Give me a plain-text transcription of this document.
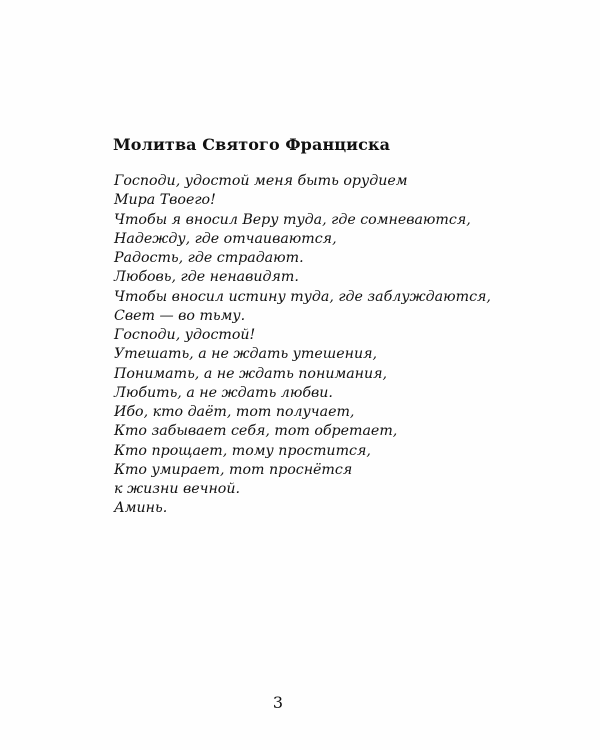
Молитва Святого Франциска
Господи, удостой меня быть орудием
Мира Твоего!
Чтобы я вносил Веру туда, где сомневаются,
Надежду, где отчаиваются,
Радость, где страдают.
Любовь, где ненавидят.
Чтобы вносил истину туда, где заблуждаются,
Свет — во тьму.
Господи, удостой!
Утешать, а не ждать утешения,
Понимать, а не ждать понимания,
Любить, а не ждать любви.
Ибо, кто даёт, тот получает,
Кто забывает себя, тот обретает,
Кто прощает, тому простится,
Кто умирает, тот проснётся
к жизни вечной.
Аминь.
3
